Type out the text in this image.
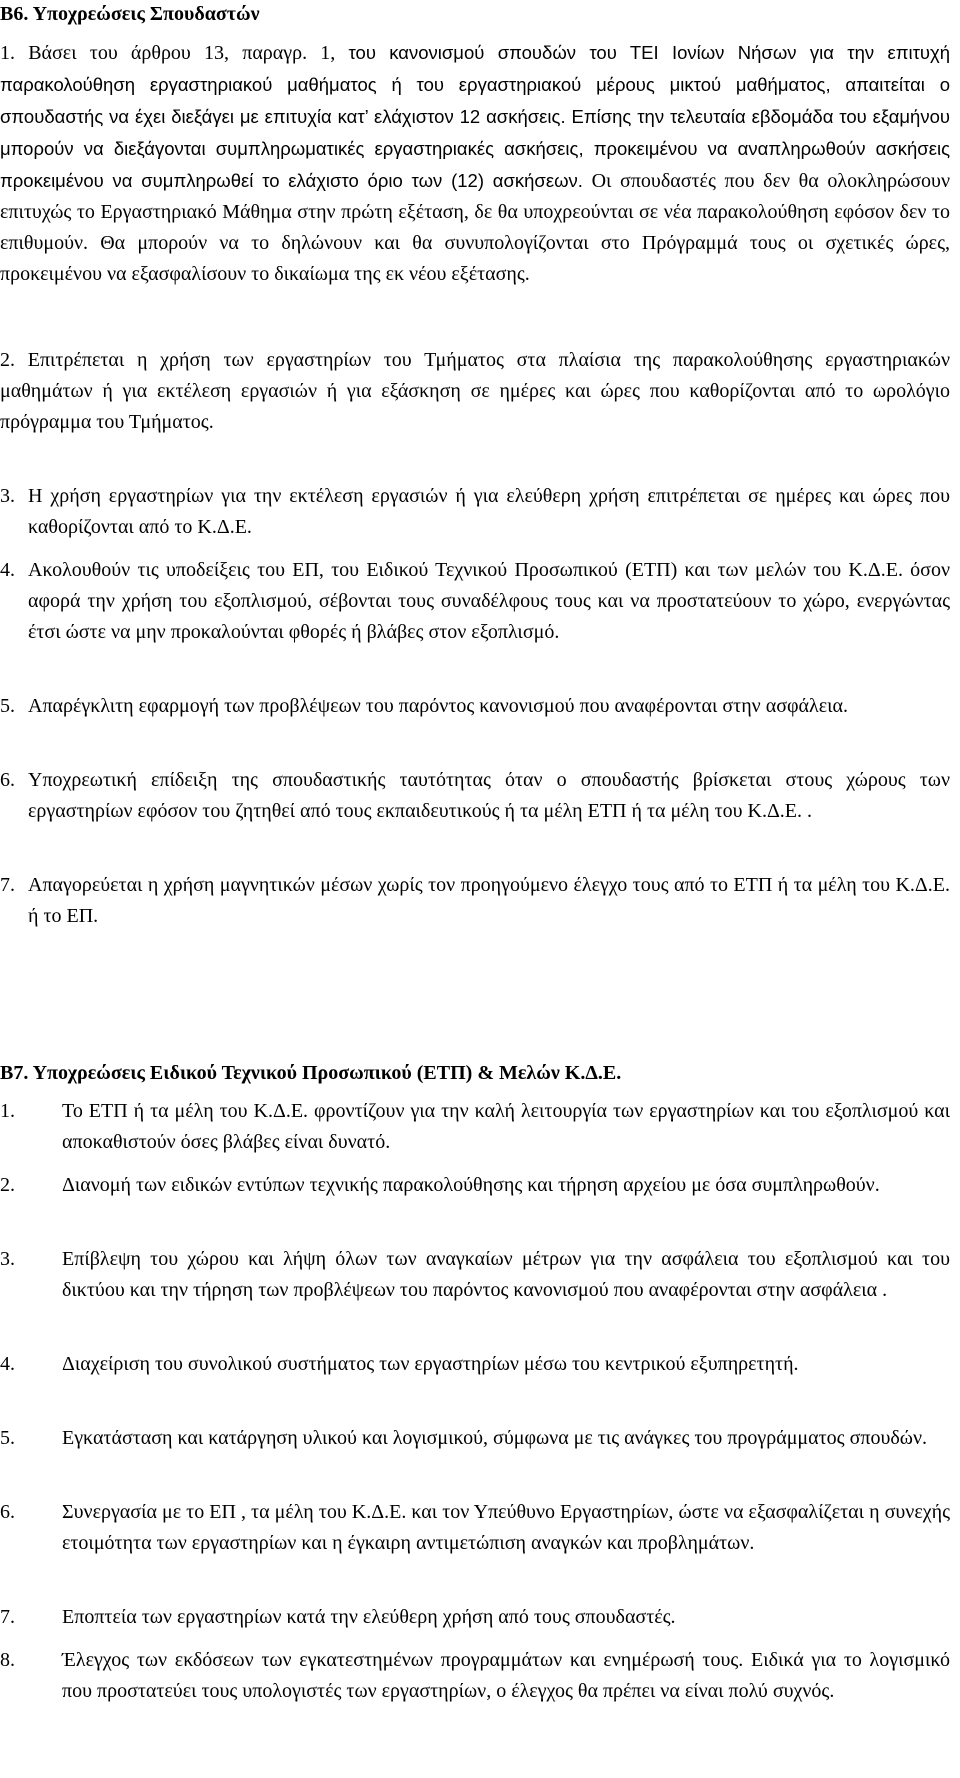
Β6. Υποχρεώσεις Σπουδαστών

1. Βάσει του άρθρου 13, παραγρ. 1, του κανονισμού σπουδών του ΤΕΙ Ιονίων Νήσων για την επιτυχή παρακολούθηση εργαστηριακού μαθήματος ή του εργαστηριακού μέρους μικτού μαθήματος, απαιτείται ο σπουδαστής να έχει διεξάγει με επιτυχία κατ’ ελάχιστον 12 ασκήσεις. Επίσης την τελευταία εβδομάδα του εξαμήνου μπορούν να διεξάγονται συμπληρωματικές εργαστηριακές ασκήσεις, προκειμένου να αναπληρωθούν ασκήσεις προκειμένου να συμπληρωθεί το ελάχιστο όριο των (12) ασκήσεων. Οι σπουδαστές που δεν θα ολοκληρώσουν επιτυχώς το Εργαστηριακό Μάθημα στην πρώτη εξέταση, δε θα υποχρεούνται σε νέα παρακολούθηση εφόσον δεν το επιθυμούν. Θα μπορούν να το δηλώνουν και θα συνυπολογίζονται στο Πρόγραμμά τους οι σχετικές ώρες, προκειμένου να εξασφαλίσουν το δικαίωμα της εκ νέου εξέτασης.

2. Επιτρέπεται η χρήση των εργαστηρίων του Τμήματος στα πλαίσια της παρακολούθησης εργαστηριακών μαθημάτων ή για εκτέλεση εργασιών ή για εξάσκηση σε ημέρες και ώρες που καθορίζονται από το ωρολόγιο πρόγραμμα του Τμήματος.

3. Η χρήση εργαστηρίων για την εκτέλεση εργασιών ή για ελεύθερη χρήση επιτρέπεται σε ημέρες και ώρες που καθορίζονται από το Κ.Δ.Ε.

4. Ακολουθούν τις υποδείξεις του ΕΠ, του Ειδικού Τεχνικού Προσωπικού (ΕΤΠ) και των μελών του Κ.Δ.Ε. όσον αφορά την χρήση του εξοπλισμού, σέβονται τους συναδέλφους τους και να προστατεύουν το χώρο, ενεργώντας έτσι ώστε να μην προκαλούνται φθορές ή βλάβες στον εξοπλισμό.

5. Απαρέγκλιτη εφαρμογή των προβλέψεων του παρόντος κανονισμού που αναφέρονται στην ασφάλεια.

6. Υποχρεωτική επίδειξη της σπουδαστικής ταυτότητας όταν ο σπουδαστής βρίσκεται στους χώρους των εργαστηρίων εφόσον του ζητηθεί από τους εκπαιδευτικούς ή τα μέλη ΕΤΠ ή τα μέλη του Κ.Δ.Ε. .

7. Απαγορεύεται η χρήση μαγνητικών μέσων χωρίς τον προηγούμενο έλεγχο τους από το ΕΤΠ ή τα μέλη του Κ.Δ.Ε. ή το ΕΠ.

Β7. Υποχρεώσεις Ειδικού Τεχνικού Προσωπικού (ΕΤΠ) & Μελών Κ.Δ.Ε.
1. Το ΕΤΠ ή τα μέλη του Κ.Δ.Ε. φροντίζουν για την καλή λειτουργία των εργαστηρίων και του εξοπλισμού και αποκαθιστούν όσες βλάβες είναι δυνατό.

2. Διανομή των ειδικών εντύπων τεχνικής παρακολούθησης και τήρηση αρχείου με όσα συμπληρωθούν.

3. Επίβλεψη του χώρου και λήψη όλων των αναγκαίων μέτρων για την ασφάλεια του εξοπλισμού και του δικτύου και την τήρηση των προβλέψεων του παρόντος κανονισμού που αναφέρονται στην ασφάλεια .

4. Διαχείριση του συνολικού συστήματος των εργαστηρίων μέσω του κεντρικού εξυπηρετητή.

5. Εγκατάσταση και κατάργηση υλικού και λογισμικού, σύμφωνα με τις ανάγκες του προγράμματος σπουδών.

6. Συνεργασία με το ΕΠ , τα μέλη του Κ.Δ.Ε. και τον Υπεύθυνο Εργαστηρίων, ώστε να εξασφαλίζεται η συνεχής ετοιμότητα των εργαστηρίων και η έγκαιρη αντιμετώπιση αναγκών και προβλημάτων.

7. Εποπτεία των εργαστηρίων κατά την ελεύθερη χρήση από τους σπουδαστές.

8. Έλεγχος των εκδόσεων των εγκατεστημένων προγραμμάτων και ενημέρωσή τους. Ειδικά για το λογισμικό που προστατεύει τους υπολογιστές των εργαστηρίων, ο έλεγχος θα πρέπει να είναι πολύ συχνός.
